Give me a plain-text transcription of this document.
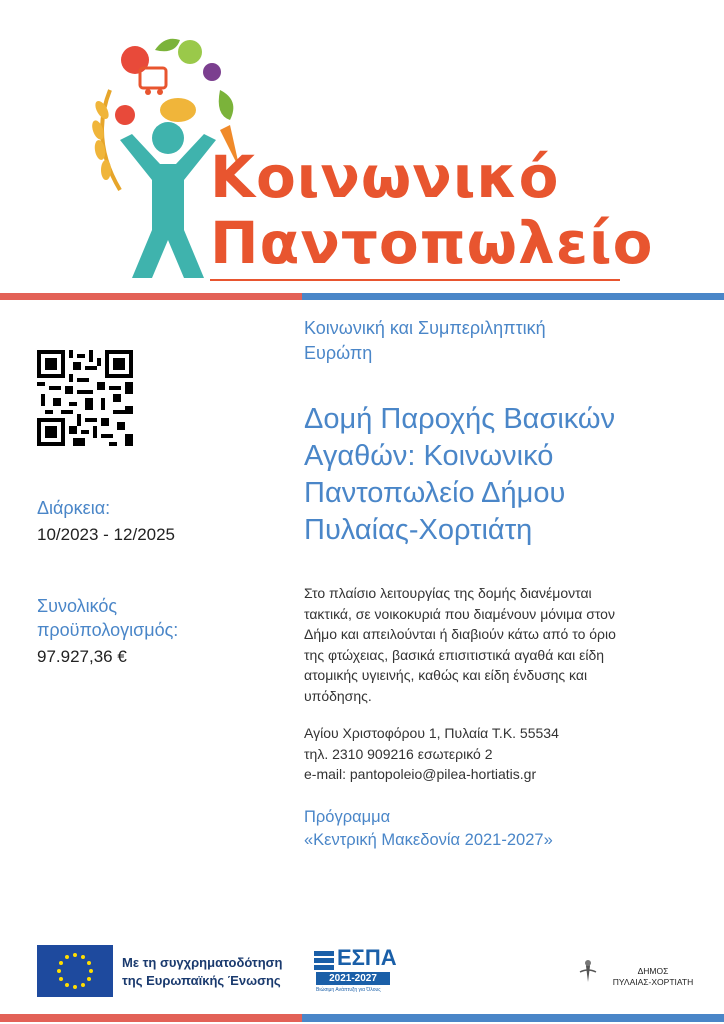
Κοινωνικό
Παντοπωλείο
Διάρκεια:
10/2023 - 12/2025
Συνολικός
προϋπολογισμός:
97.927,36 €
Κοινωνική και Συμπεριληπτική
Ευρώπη
Δομή Παροχής Βασικών
Αγαθών: Κοινωνικό
Παντοπωλείο Δήμου
Πυλαίας-Χορτιάτη
Στο πλαίσιο λειτουργίας της δομής διανέμονται
τακτικά, σε νοικοκυριά που διαμένουν μόνιμα στον
Δήμο και απειλούνται ή διαβιούν κάτω από το όριο
της φτώχειας, βασικά επισιτιστικά αγαθά και είδη
ατομικής υγιεινής, καθώς και είδη ένδυσης και
υπόδησης.
Αγίου Χριστοφόρου 1, Πυλαία Τ.Κ. 55534
τηλ. 2310 909216 εσωτερικό 2
e-mail: pantopoleio@pilea-hortiatis.gr
Πρόγραμμα
«Κεντρική Μακεδονία 2021-2027»
Με τη συγχρηματοδότηση
της Ευρωπαϊκής Ένωσης
ΕΣΠΑ
2021-2027
Βιώσιμη Ανάπτυξη για Όλους
ΔΗΜΟΣ
ΠΥΛΑΙΑΣ-ΧΟΡΤΙΑΤΗ
